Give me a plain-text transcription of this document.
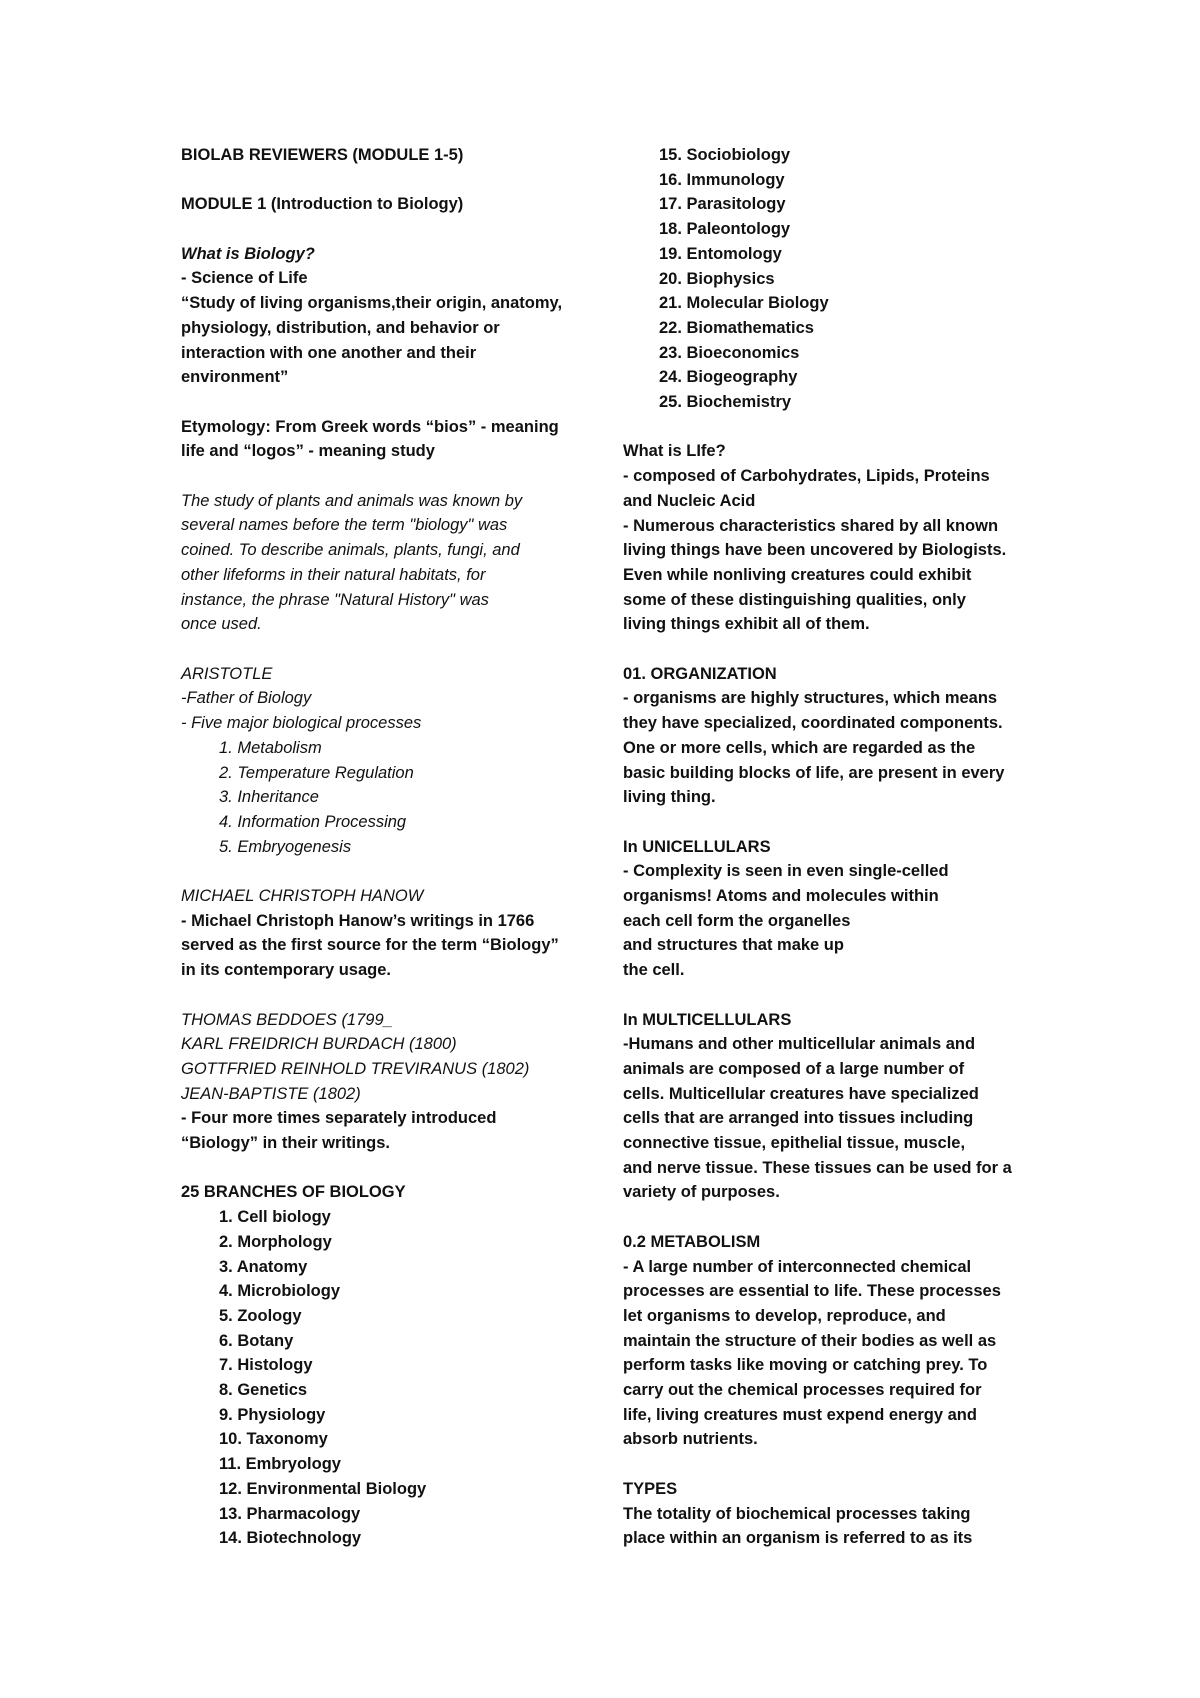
BIOLAB REVIEWERS (MODULE 1-5)
MODULE 1 (Introduction to Biology)
What is Biology?
- Science of Life
“Study of living organisms,their origin, anatomy,
physiology, distribution, and behavior or
interaction with one another and their
environment”
Etymology: From Greek words “bios” - meaning
life and “logos” - meaning study
The study of plants and animals was known by
several names before the term "biology" was
coined. To describe animals, plants, fungi, and
other lifeforms in their natural habitats, for
instance, the phrase "Natural History" was
once used.
ARISTOTLE
-Father of Biology
- Five major biological processes
1. Metabolism
2. Temperature Regulation
3. Inheritance
4. Information Processing
5. Embryogenesis
MICHAEL CHRISTOPH HANOW
- Michael Christoph Hanow’s writings in 1766
served as the first source for the term “Biology”
in its contemporary usage.
THOMAS BEDDOES (1799_
KARL FREIDRICH BURDACH (1800)
GOTTFRIED REINHOLD TREVIRANUS (1802)
JEAN-BAPTISTE (1802)
- Four more times separately introduced
“Biology” in their writings.
25 BRANCHES OF BIOLOGY
1. Cell biology
2. Morphology
3. Anatomy
4. Microbiology
5. Zoology
6. Botany
7. Histology
8. Genetics
9. Physiology
10. Taxonomy
11. Embryology
12. Environmental Biology
13. Pharmacology
14. Biotechnology
15. Sociobiology
16. Immunology
17. Parasitology
18. Paleontology
19. Entomology
20. Biophysics
21. Molecular Biology
22. Biomathematics
23. Bioeconomics
24. Biogeography
25. Biochemistry
What is LIfe?
- composed of Carbohydrates, Lipids, Proteins
and Nucleic Acid
- Numerous characteristics shared by all known
living things have been uncovered by Biologists.
Even while nonliving creatures could exhibit
some of these distinguishing qualities, only
living things exhibit all of them.
01. ORGANIZATION
- organisms are highly structures, which means
they have specialized, coordinated components.
One or more cells, which are regarded as the
basic building blocks of life, are present in every
living thing.
In UNICELLULARS
- Complexity is seen in even single-celled
organisms! Atoms and molecules within
each cell form the organelles
and structures that make up
the cell.
In MULTICELLULARS
-Humans and other multicellular animals and
animals are composed of a large number of
cells. Multicellular creatures have specialized
cells that are arranged into tissues including
connective tissue, epithelial tissue, muscle,
and nerve tissue. These tissues can be used for a
variety of purposes.
0.2 METABOLISM
- A large number of interconnected chemical
processes are essential to life. These processes
let organisms to develop, reproduce, and
maintain the structure of their bodies as well as
perform tasks like moving or catching prey. To
carry out the chemical processes required for
life, living creatures must expend energy and
absorb nutrients.
TYPES
The totality of biochemical processes taking
place within an organism is referred to as its
